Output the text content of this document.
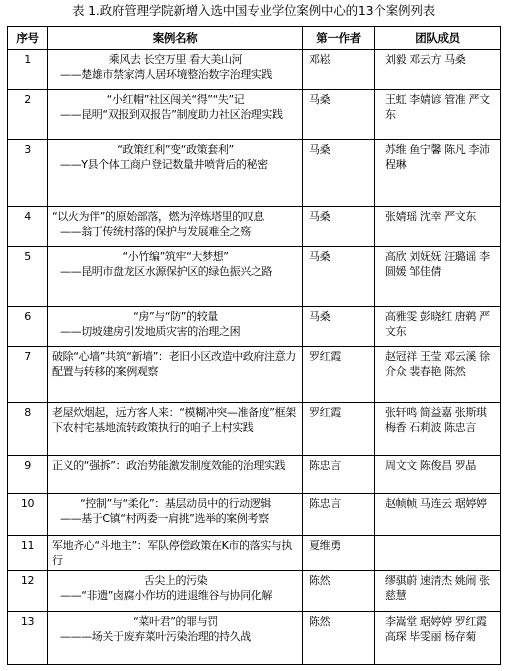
表 1.政府管理学院新增入选中国专业学位案例中心的13个案例列表
序号	案例名称	第一作者	团队成员
1	乘风去 长空万里 看大美山河
——楚雄市禁家湾人居环境整治数字治理实践	邓崧	刘毅 邓云方 马桑
2	“小红帽”社区闯关“得”“失”记
——昆明“双报到双报告”制度助力社区治理实践	马桑	王虹 李婧谚 管准 严文东
3	“政策红利”变“政策套利”
——Y县个体工商户登记数量井喷背后的秘密	马桑	苏维 鱼宁馨 陈凡 李沛 程琳
4	“以火为伴”的原始部落，燃为淬炼塔里的叹息
——翁丁传统村落的保护与发展难全之殇	马桑	张婧瑶 沈幸 严文东
5	“小竹编”筑牢“大梦想”
——昆明市盘龙区水源保护区的绿色振兴之路	马桑	高欣 刘妩妩 汪璐谣 李圆媛 邹佳倩
6	“房”与“防”的较量
——切坡建房引发地质灾害的治理之困	马桑	高雅雯 彭晓红 唐鹈 严文东
7	破除“心墙”共筑“新墙”：老旧小区改造中政府注意力配置与转移的案例观察	罗红霞	赵冠祥 王莹 邓云溪 徐介众 裴春艳 陈然
8	老屋炊烟起，远方客人来：“模糊冲突—准备度”框架下农村宅基地流转政策执行的咱子上村实践	罗红霞	张轩鸣 简益嘉 张斯琪 梅香 石莉波 陈忠言
9	正义的“强拆”：政治势能激发制度效能的治理实践	陈忠言	周文文 陈俊昌 罗晶
10	“控制”与“柔化”：基层动员中的行动逻辑
——基于C镇“村两委一肩挑”选举的案例考察	陈忠言	赵帧帧 马连云 琚婷婷
11	军地齐心“斗地主”：军队停偿政策在K市的落实与执行	夏维勇	
12	舌尖上的污染
——“非遗”卤腐小作坊的进退维谷与协同化解	陈然	缪骐蔚 速清杰 姚闹 张慈慧
13	“菜叶君”的罪与罚
———场关于废弃菜叶污染治理的持久战	陈然	李嵩堂 琚婷婷 罗红霞 高琛 毕雯丽 杨存菊
